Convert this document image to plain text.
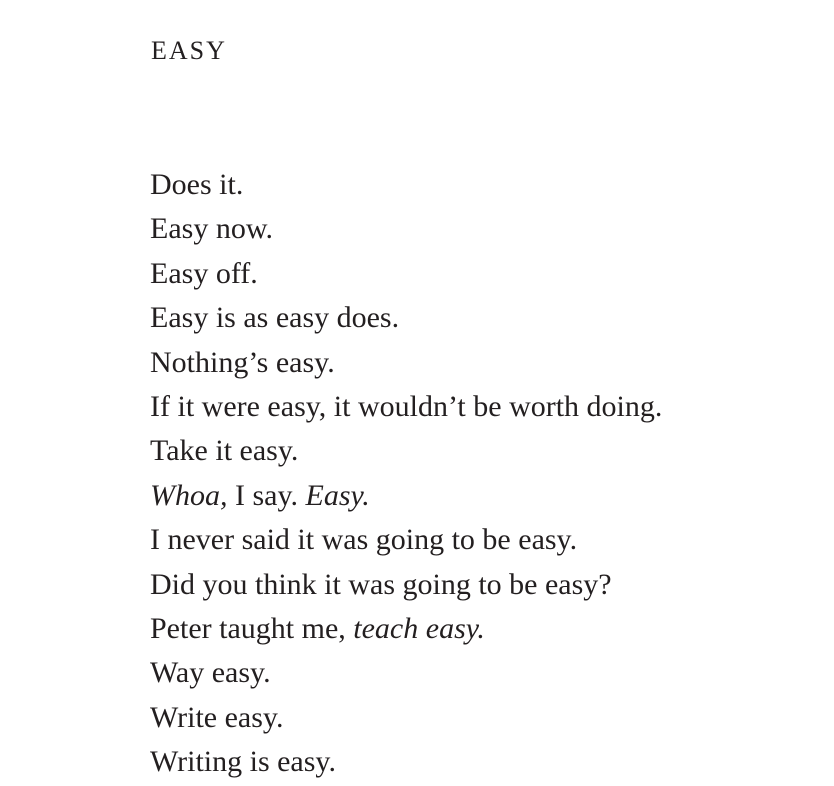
EASY
Does it.
Easy now.
Easy off.
Easy is as easy does.
Nothing’s easy.
If it were easy, it wouldn’t be worth doing.
Take it easy.
Whoa, I say. Easy.
I never said it was going to be easy.
Did you think it was going to be easy?
Peter taught me, teach easy.
Way easy.
Write easy.
Writing is easy.
